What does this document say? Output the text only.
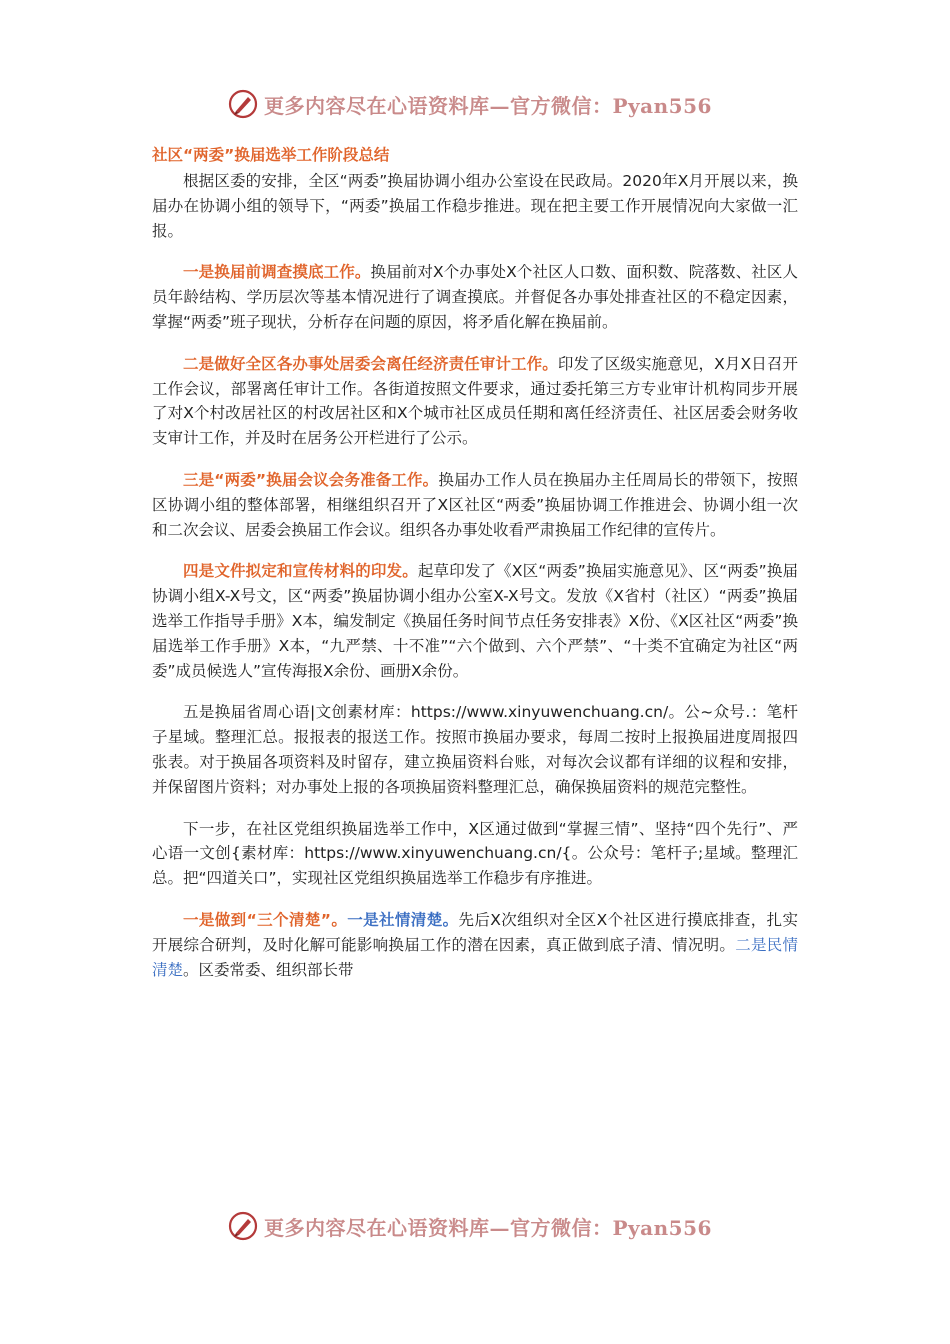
更多内容尽在心语资料库—官方微信：Pyan556
社区“两委”换届选举工作阶段总结

根据区委的安排，全区“两委”换届协调小组办公室设在民政局。2020年X月开展以来，换届办在协调小组的领导下，“两委”换届工作稳步推进。现在把主要工作开展情况向大家做一汇报。

一是换届前调查摸底工作。换届前对X个办事处X个社区人口数、面积数、院落数、社区人员年龄结构、学历层次等基本情况进行了调查摸底。并督促各办事处排查社区的不稳定因素，掌握“两委”班子现状，分析存在问题的原因，将矛盾化解在换届前。

二是做好全区各办事处居委会离任经济责任审计工作。印发了区级实施意见，X月X日召开工作会议，部署离任审计工作。各街道按照文件要求，通过委托第三方专业审计机构同步开展了对X个村改居社区的村改居社区和X个城市社区成员任期和离任经济责任、社区居委会财务收支审计工作，并及时在居务公开栏进行了公示。

三是“两委”换届会议会务准备工作。换届办工作人员在换届办主任周局长的带领下，按照区协调小组的整体部署，相继组织召开了X区社区“两委”换届协调工作推进会、协调小组一次和二次会议、居委会换届工作会议。组织各办事处收看严肃换届工作纪律的宣传片。

四是文件拟定和宣传材料的印发。起草印发了《X区“两委”换届实施意见》、区“两委”换届协调小组X-X号文，区“两委”换届协调小组办公室X-X号文。发放《X省村（社区）“两委”换届选举工作指导手册》X本，编发制定《换届任务时间节点任务安排表》X份、《X区社区“两委”换届选举工作手册》X本，“九严禁、十不准”“六个做到、六个严禁”、“十类不宜确定为社区“两委”成员候选人”宣传海报X余份、画册X余份。

五是换届省周心语|文创素材库：https://www.xinyuwenchuang.cn/。公~众号.：笔杆子星域。整理汇总。报报表的报送工作。按照市换届办要求，每周二按时上报换届进度周报四张表。对于换届各项资料及时留存，建立换届资料台账，对每次会议都有详细的议程和安排，并保留图片资料；对办事处上报的各项换届资料整理汇总，确保换届资料的规范完整性。

下一步，在社区党组织换届选举工作中，X区通过做到“掌握三情”、坚持“四个先行”、严心语一文创{素材库：https://www.xinyuwenchuang.cn/{。公众号：笔杆子;星域。整理汇总。把“四道关口”，实现社区党组织换届选举工作稳步有序推进。

一是做到“三个清楚”。一是社情清楚。先后X次组织对全区X个社区进行摸底排查，扎实开展综合研判，及时化解可能影响换届工作的潜在因素，真正做到底子清、情况明。二是民情清楚。区委常委、组织部长带

更多内容尽在心语资料库—官方微信：Pyan556
